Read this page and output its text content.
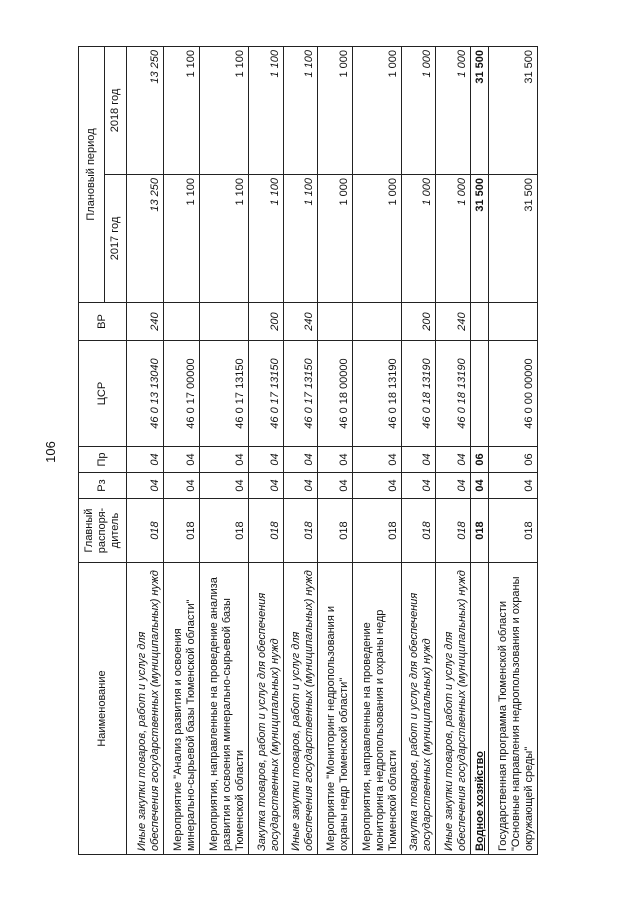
106
Наименование	Главный распоря-дитель	Рз	Пр	ЦСР	ВР	Плановый период	
						2017 год	2018 год
Иные закупки товаров, работ и услуг для обеспечения государственных (муниципальных) нужд	018	04	04	46 0 13 13040	240	13 250	13 250
Мероприятие "Анализ развития и освоения минерально-сырьевой базы Тюменской области"	018	04	04	46 0 17 00000		1 100	1 100
Мероприятия, направленные на проведение анализа развития и освоения минерально-сырьевой базы Тюменской области	018	04	04	46 0 17 13150		1 100	1 100
Закупка товаров, работ и услуг для обеспечения государственных (муниципальных) нужд	018	04	04	46 0 17 13150	200	1 100	1 100
Иные закупки товаров, работ и услуг для обеспечения государственных (муниципальных) нужд	018	04	04	46 0 17 13150	240	1 100	1 100
Мероприятие "Мониторинг недропользования и охраны недр Тюменской области"	018	04	04	46 0 18 00000		1 000	1 000
Мероприятия, направленные на проведение мониторинга недропользования и охраны недр Тюменской области	018	04	04	46 0 18 13190		1 000	1 000
Закупка товаров, работ и услуг для обеспечения государственных (муниципальных) нужд	018	04	04	46 0 18 13190	200	1 000	1 000
Иные закупки товаров, работ и услуг для обеспечения государственных (муниципальных) нужд	018	04	04	46 0 18 13190	240	1 000	1 000
Водное хозяйство	018	04	06			31 500	31 500
Государственная программа Тюменской области "Основные направления недропользования и охраны окружающей среды"	018	04	06	46 0 00 00000		31 500	31 500
